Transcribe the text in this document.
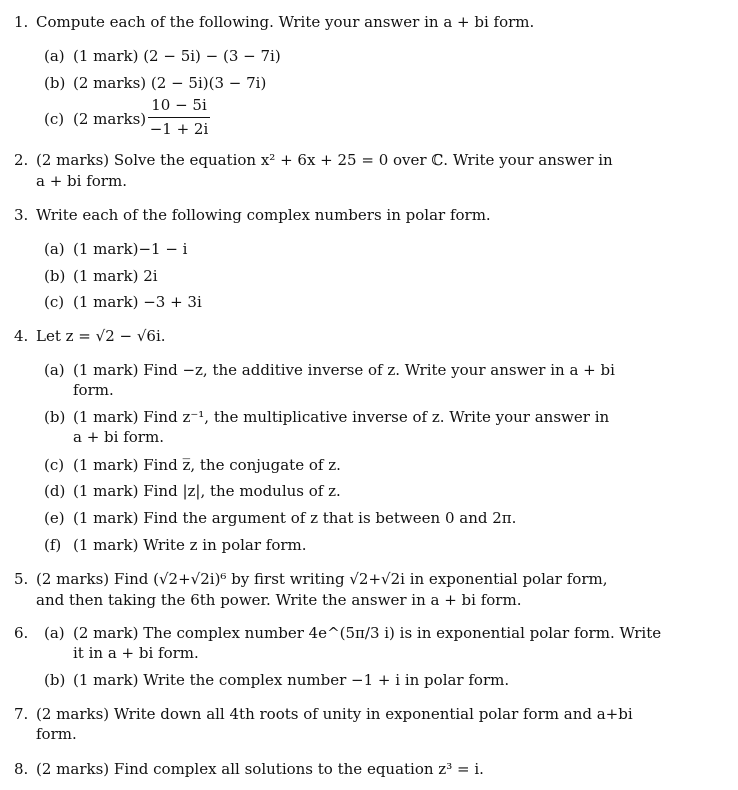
1. Compute each of the following. Write your answer in a + bi form.
(a) (1 mark) (2 − 5i) − (3 − 7i)
(b) (2 marks) (2 − 5i)(3 − 7i)
(c) (2 marks)
10 − 5i
−1 + 2i
2. (2 marks) Solve the equation x² + 6x + 25 = 0 over ℂ. Write your answer in
a + bi form.
3. Write each of the following complex numbers in polar form.
(a) (1 mark)−1 − i
(b) (1 mark) 2i
(c) (1 mark) −3 + 3i
4. Let z = √2 − √6i.
(a) (1 mark) Find −z, the additive inverse of z. Write your answer in a + bi
form.
(b) (1 mark) Find z⁻¹, the multiplicative inverse of z. Write your answer in
a + bi form.
(c) (1 mark) Find z̅, the conjugate of z.
(d) (1 mark) Find |z|, the modulus of z.
(e) (1 mark) Find the argument of z that is between 0 and 2π.
(f) (1 mark) Write z in polar form.
5. (2 marks) Find (√2+√2i)⁶ by first writing √2+√2i in exponential polar form,
and then taking the 6th power. Write the answer in a + bi form.
6. (a) (2 mark) The complex number 4e^(5π/3 i) is in exponential polar form. Write
it in a + bi form.
(b) (1 mark) Write the complex number −1 + i in polar form.
7. (2 marks) Write down all 4th roots of unity in exponential polar form and a+bi
form.
8. (2 marks) Find complex all solutions to the equation z³ = i.
